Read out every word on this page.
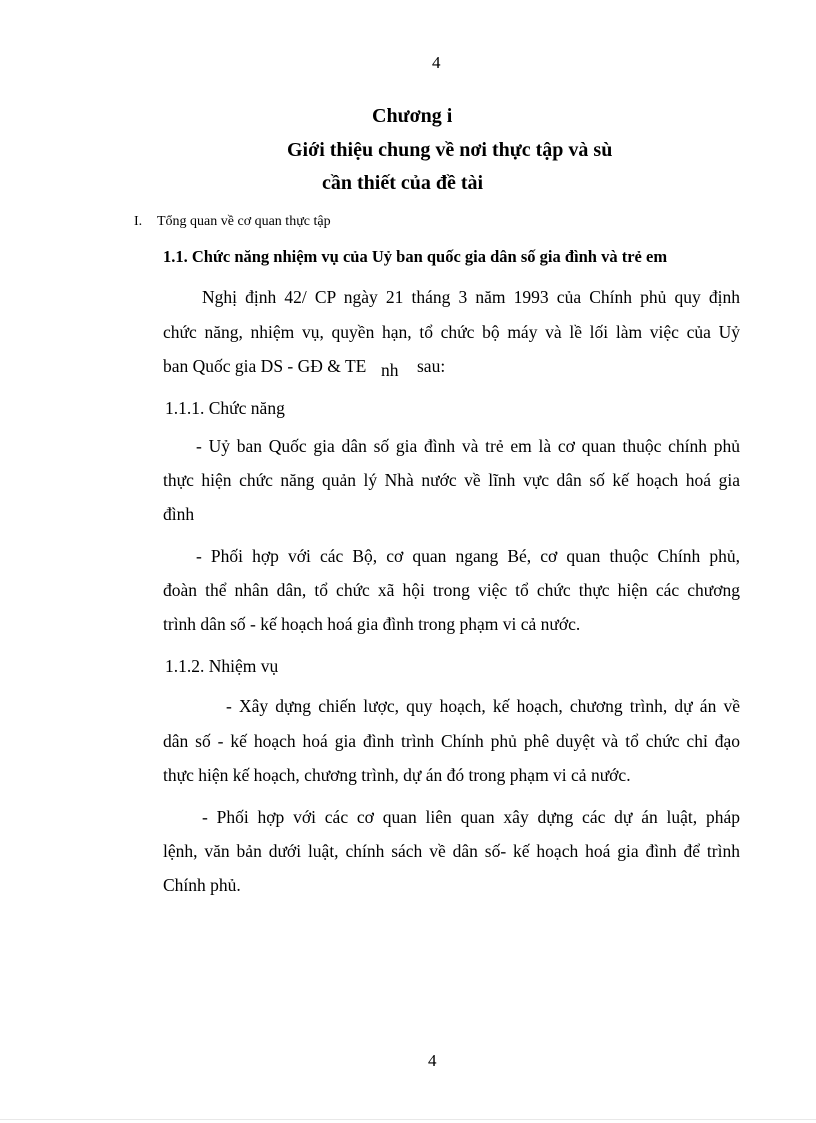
4
Chương i
Giới thiệu chung về nơi thực tập và sù
cần thiết của đề tài
I. Tổng quan về cơ quan thực tập
1.1. Chức năng nhiệm vụ của Uỷ ban quốc gia dân số gia đình và trẻ em
Nghị định 42/ CP ngày 21 tháng 3 năm 1993 của Chính phủ quy định
chức năng, nhiệm vụ, quyền hạn, tổ chức bộ máy và lề lối làm việc của Uỷ
ban Quốc gia DS - GĐ & TE nh sau:
1.1.1. Chức năng
- Uỷ ban Quốc gia dân số gia đình và trẻ em là cơ quan thuộc chính phủ
thực hiện chức năng quản lý Nhà nước về lĩnh vực dân số kế hoạch hoá gia
đình
- Phối hợp với các Bộ, cơ quan ngang Bé, cơ quan thuộc Chính phủ,
đoàn thể nhân dân, tổ chức xã hội trong việc tổ chức thực hiện các chương
trình dân số - kế hoạch hoá gia đình trong phạm vi cả nước.
1.1.2. Nhiệm vụ
- Xây dựng chiến lược, quy hoạch, kế hoạch, chương trình, dự án về
dân số - kế hoạch hoá gia đình trình Chính phủ phê duyệt và tổ chức chỉ đạo
thực hiện kế hoạch, chương trình, dự án đó trong phạm vi cả nước.
- Phối hợp với các cơ quan liên quan xây dựng các dự án luật, pháp
lệnh, văn bản dưới luật, chính sách về dân số- kế hoạch hoá gia đình để trình
Chính phủ.
4
